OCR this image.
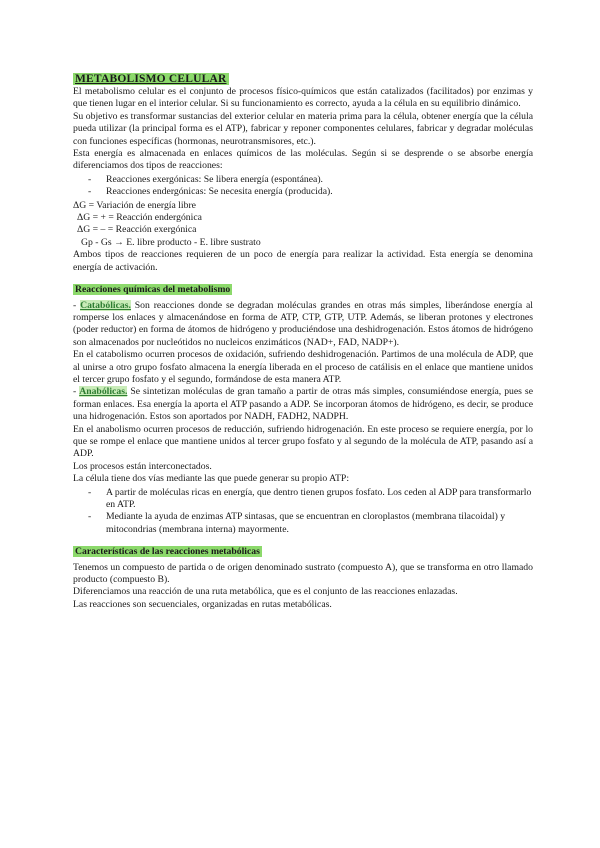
METABOLISMO CELULAR

El metabolismo celular es el conjunto de procesos físico-químicos que están catalizados (facilitados) por enzimas y que tienen lugar en el interior celular. Si su funcionamiento es correcto, ayuda a la célula en su equilibrio dinámico.

Su objetivo es transformar sustancias del exterior celular en materia prima para la célula, obtener energía que la célula pueda utilizar (la principal forma es el ATP), fabricar y reponer componentes celulares, fabricar y degradar moléculas con funciones específicas (hormonas, neurotransmisores, etc.).

Esta energía es almacenada en enlaces químicos de las moléculas. Según si se desprende o se absorbe energía diferenciamos dos tipos de reacciones:

- Reacciones exergónicas: Se libera energía (espontánea).
- Reacciones endergónicas: Se necesita energía (producida).

ΔG = Variación de energía libre

ΔG = + = Reacción endergónica

ΔG = – = Reacción exergónica

Gp - Gs → E. libre producto - E. libre sustrato

Ambos tipos de reacciones requieren de un poco de energía para realizar la actividad. Esta energía se denomina energía de activación.

Reacciones químicas del metabolismo

- Catabólicas. Son reacciones donde se degradan moléculas grandes en otras más simples, liberándose energía al romperse los enlaces y almacenándose en forma de ATP, CTP, GTP, UTP. Además, se liberan protones y electrones (poder reductor) en forma de átomos de hidrógeno y produciéndose una deshidrogenación. Estos átomos de hidrógeno son almacenados por nucleótidos no nucleicos enzimáticos (NAD+, FAD, NADP+).

En el catabolismo ocurren procesos de oxidación, sufriendo deshidrogenación. Partimos de una molécula de ADP, que al unirse a otro grupo fosfato almacena la energía liberada en el proceso de catálisis en el enlace que mantiene unidos el tercer grupo fosfato y el segundo, formándose de esta manera ATP.

- Anabólicas. Se sintetizan moléculas de gran tamaño a partir de otras más simples, consumiéndose energía, pues se forman enlaces. Esa energía la aporta el ATP pasando a ADP. Se incorporan átomos de hidrógeno, es decir, se produce una hidrogenación. Estos son aportados por NADH, FADH2, NADPH.

En el anabolismo ocurren procesos de reducción, sufriendo hidrogenación. En este proceso se requiere energía, por lo que se rompe el enlace que mantiene unidos al tercer grupo fosfato y al segundo de la molécula de ATP, pasando así a ADP.

Los procesos están interconectados.

La célula tiene dos vías mediante las que puede generar su propio ATP:

- A partir de moléculas ricas en energía, que dentro tienen grupos fosfato. Los ceden al ADP para transformarlo en ATP.
- Mediante la ayuda de enzimas ATP sintasas, que se encuentran en cloroplastos (membrana tilacoidal) y mitocondrias (membrana interna) mayormente.
Características de las reacciones metabólicas

Tenemos un compuesto de partida o de origen denominado sustrato (compuesto A), que se transforma en otro llamado producto (compuesto B).

Diferenciamos una reacción de una ruta metabólica, que es el conjunto de las reacciones enlazadas.

Las reacciones son secuenciales, organizadas en rutas metabólicas.
